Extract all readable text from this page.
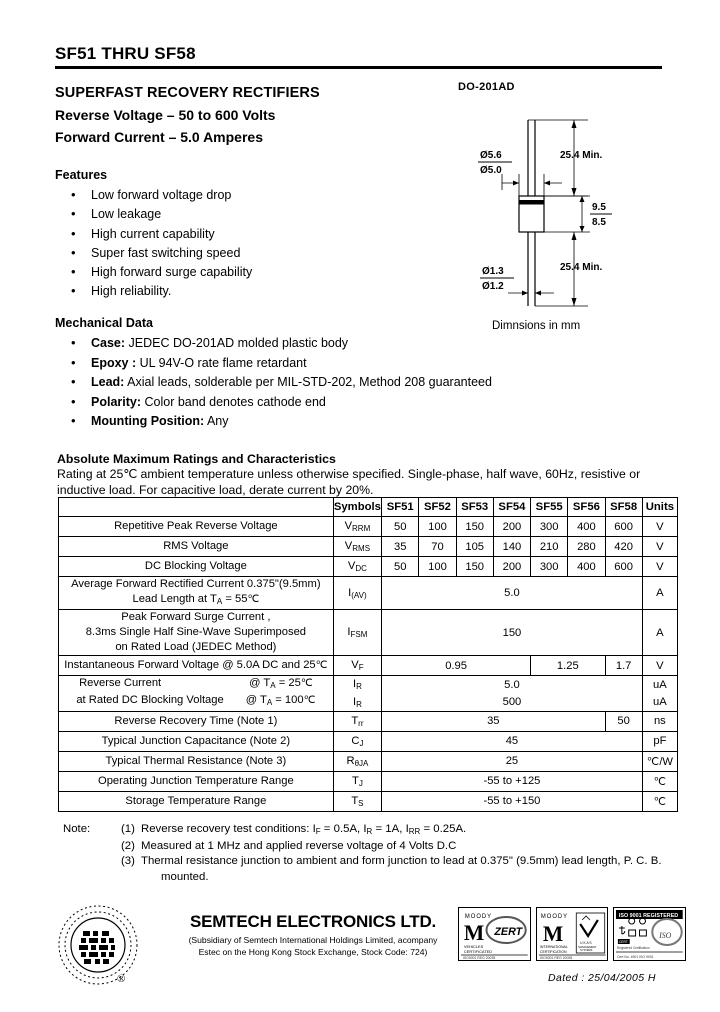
SF51 THRU SF58
SUPERFAST RECOVERY RECTIFIERS
Reverse Voltage – 50 to 600 Volts
Forward Current – 5.0 Amperes
Features
• Low forward voltage drop
• Low leakage
• High current capability
• Super fast switching speed
• High forward surge capability
• High reliability.
Mechanical Data
• Case: JEDEC DO-201AD molded plastic body
• Epoxy : UL 94V-O rate flame retardant
• Lead: Axial leads, solderable per MIL-STD-202, Method 208 guaranteed
• Polarity: Color band denotes cathode end
• Mounting Position: Any
DO-201AD
Ø5.6
Ø5.0
25.4 Min.
9.5
8.5
25.4 Min.
Ø1.3
Ø1.2
Dimnsions in mm
Absolute Maximum Ratings and Characteristics
Rating at 25℃ ambient temperature unless otherwise specified. Single-phase, half wave, 60Hz, resistive or inductive load. For capacitive load, derate current by 20%.
	Symbols	SF51	SF52	SF53	SF54	SF55	SF56	SF58	Units
Repetitive Peak Reverse Voltage	$V_{RRM}$	50	100	150	200	300	400	600	V
RMS Voltage	$V_{RMS}$	35	70	105	140	210	280	420	V
DC Blocking Voltage	$V_{DC}$	50	100	150	200	300	400	600	V

Average Forward Rectified Current 0.375"(9.5mm)
Lead Length at $T_A$ = 55℃	$I_{(AV)}$	5.0							A

Peak Forward Surge Current ,
8.3ms Single Half Sine-Wave Superimposed
on Rated Load (JEDEC Method)	$I_{FSM}$	150							A
Instantaneous Forward Voltage @ 5.0A DC and 25℃	$V_F$	0.95				1.25		1.7	V
Reverse Current @ $T_A$ = 25℃	$I_R$	5.0							uA
at Rated DC Blocking Voltage @ $T_A$ = 100℃	$I_R$	500							uA
Reverse Recovery Time (Note 1)	$T_{rr}$	35						50	ns
Typical Junction Capacitance (Note 2)	$C_J$	45							pF
Typical Thermal Resistance (Note 3)	$R_{\theta JA}$	25							℃/W
Operating Junction Temperature Range	$T_J$	-55 to +125							℃
Storage Temperature Range	$T_S$	-55 to +150							℃
Note:	(1) Reverse recovery test conditions: $I_F = 0.5A$, $I_R = 1A$, $I_{RR} = 0.25A$.
(2) Measured at 1 MHz and applied reverse voltage of 4 Volts D.C
(3) Thermal resistance junction to ambient and form junction to lead at 0.375" (9.5mm) lead length, P. C. B.
mounted.
®
SEMTECH ELECTRONICS LTD.
(Subsidiary of Semtech International Holdings Limited, acompany
Estec on the Hong Kong Stock Exchange, Stock Code: 724)
MOODY
M ZERT
VEHICLES
CERTIFICATED
ISO9001 REG 20035
MOODY
M
INTERNATIONAL
CERTIFICATION
U K A S
MANAGEMENT
SYSTEMS
ISO9001 REG 20035
ISO 9001 REGISTERED
ISO
CERT
Registered Certification
Cert No. 4901 ISO 9001
Dated : 25/04/2005 H
